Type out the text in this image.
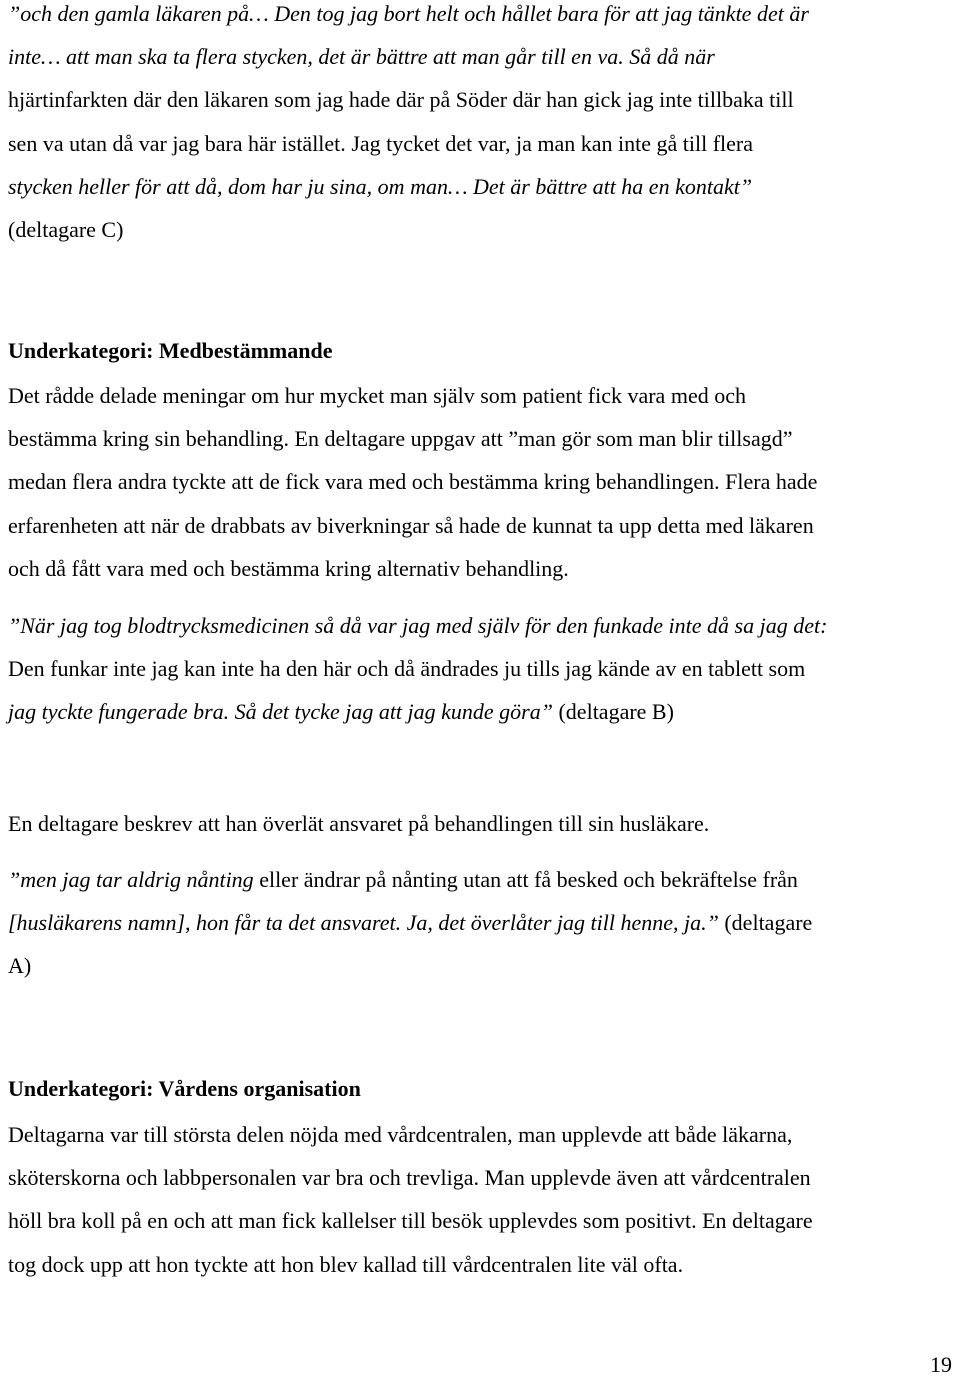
”och den gamla läkaren på… Den tog jag bort helt och hållet bara för att jag tänkte det är
inte… att man ska ta flera stycken, det är bättre att man går till en va. Så då när
hjärtinfarkten där den läkaren som jag hade där på Söder där han gick jag inte tillbaka till
sen va utan då var jag bara här istället. Jag tycket det var, ja man kan inte gå till flera
stycken heller för att då, dom har ju sina, om man… Det är bättre att ha en kontakt”
(deltagare C)
Underkategori: Medbestämmande
Det rådde delade meningar om hur mycket man själv som patient fick vara med och
bestämma kring sin behandling. En deltagare uppgav att ”man gör som man blir tillsagd”
medan flera andra tyckte att de fick vara med och bestämma kring behandlingen. Flera hade
erfarenheten att när de drabbats av biverkningar så hade de kunnat ta upp detta med läkaren
och då fått vara med och bestämma kring alternativ behandling.
”När jag tog blodtrycksmedicinen så då var jag med själv för den funkade inte då sa jag det:
Den funkar inte jag kan inte ha den här och då ändrades ju tills jag kände av en tablett som
jag tyckte fungerade bra. Så det tycke jag att jag kunde göra” (deltagare B)
En deltagare beskrev att han överlät ansvaret på behandlingen till sin husläkare.
”men jag tar aldrig nånting eller ändrar på nånting utan att få besked och bekräftelse från
[husläkarens namn], hon får ta det ansvaret. Ja, det överlåter jag till henne, ja.” (deltagare
A)
Underkategori: Vårdens organisation
Deltagarna var till största delen nöjda med vårdcentralen, man upplevde att både läkarna,
sköterskorna och labbpersonalen var bra och trevliga. Man upplevde även att vårdcentralen
höll bra koll på en och att man fick kallelser till besök upplevdes som positivt. En deltagare
tog dock upp att hon tyckte att hon blev kallad till vårdcentralen lite väl ofta.
19
